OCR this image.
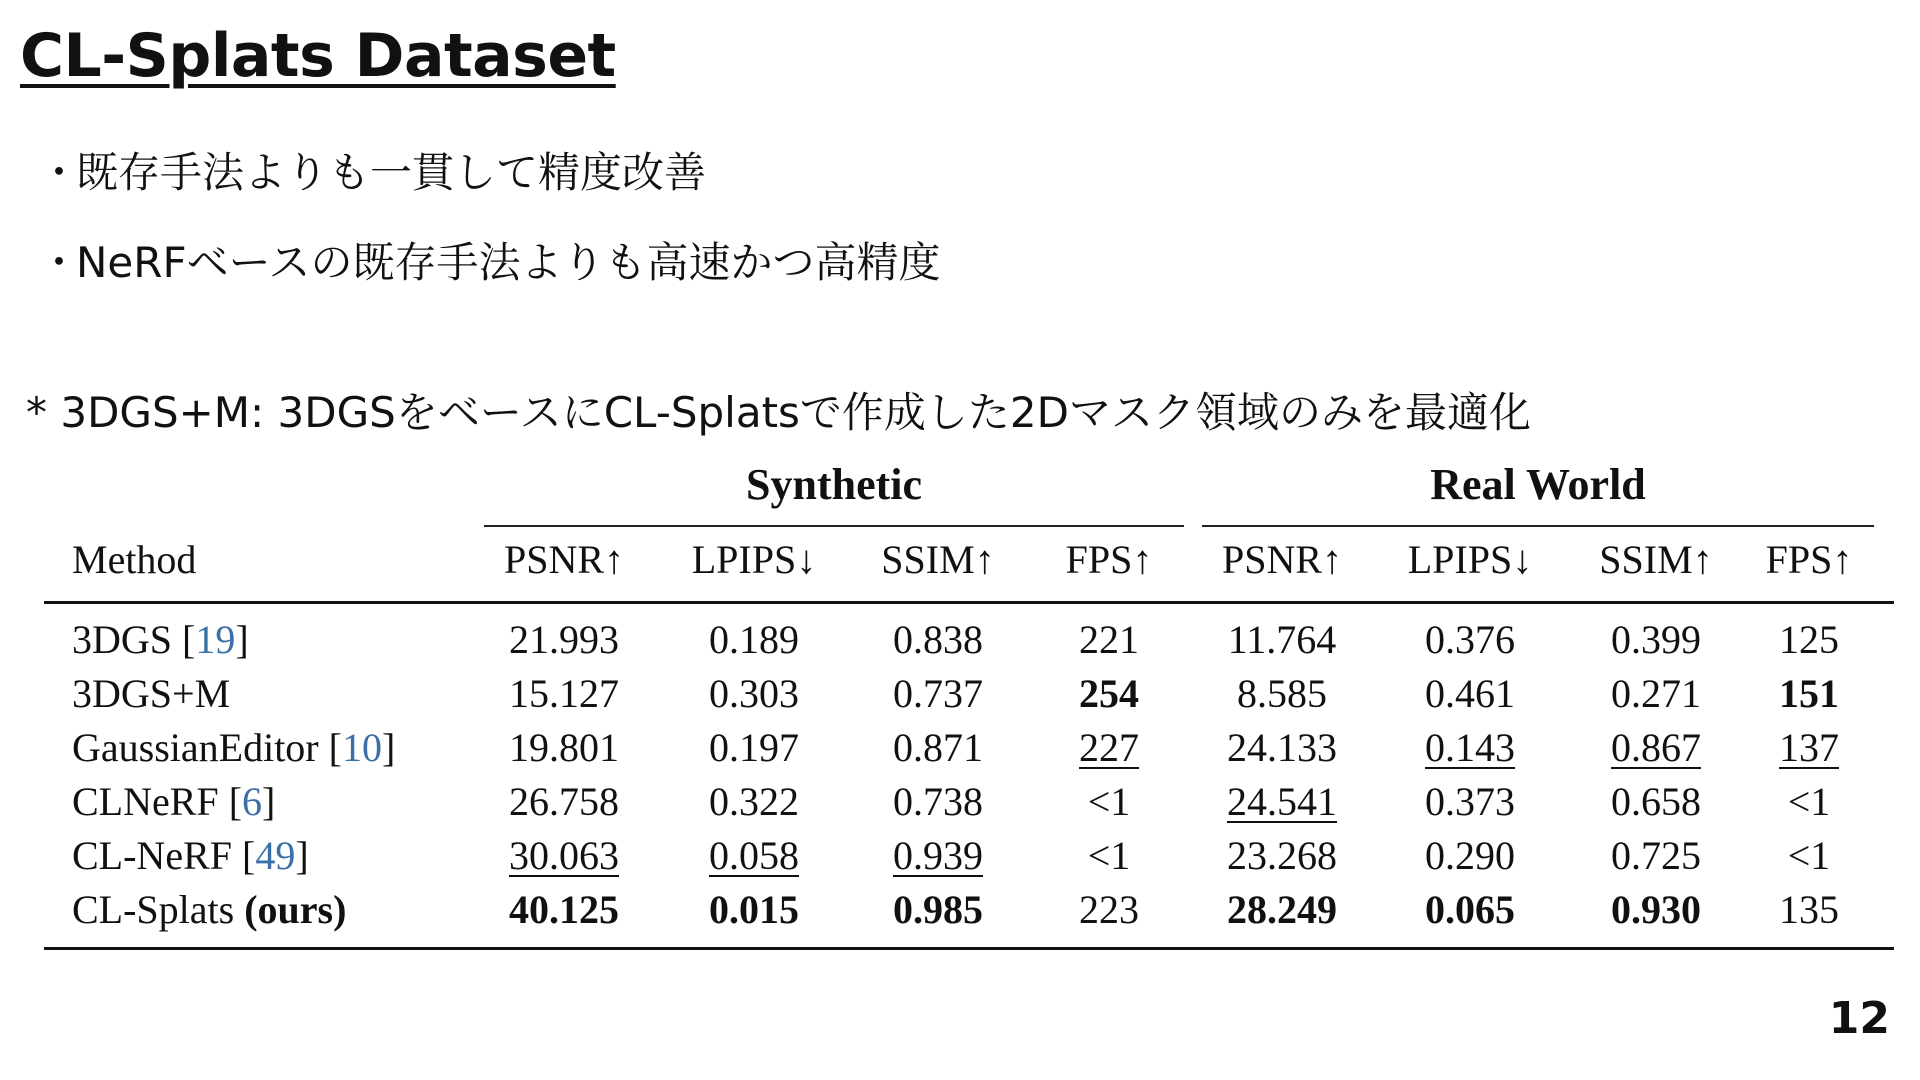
CL-Splats Dataset
・既存手法よりも一貫して精度改善
・NeRFベースの既存手法よりも高速かつ高精度
* 3DGS+M: 3DGSをベースにCL-Splatsで作成した2Dマスク領域のみを最適化
Synthetic	Real World
Method	PSNR↑	LPIPS↓	SSIM↑	FPS↑	PSNR↑	LPIPS↓	SSIM↑	FPS↑
3DGS [19]	21.993	0.189	0.838	221	11.764	0.376	0.399	125
3DGS+M	15.127	0.303	0.737	254	8.585	0.461	0.271	151
GaussianEditor [10]	19.801	0.197	0.871	227	24.133	0.143	0.867	137
CLNeRF [6]	26.758	0.322	0.738	<1	24.541	0.373	0.658	<1
CL-NeRF [49]	30.063	0.058	0.939	<1	23.268	0.290	0.725	<1
CL-Splats (ours)	40.125	0.015	0.985	223	28.249	0.065	0.930	135
12
